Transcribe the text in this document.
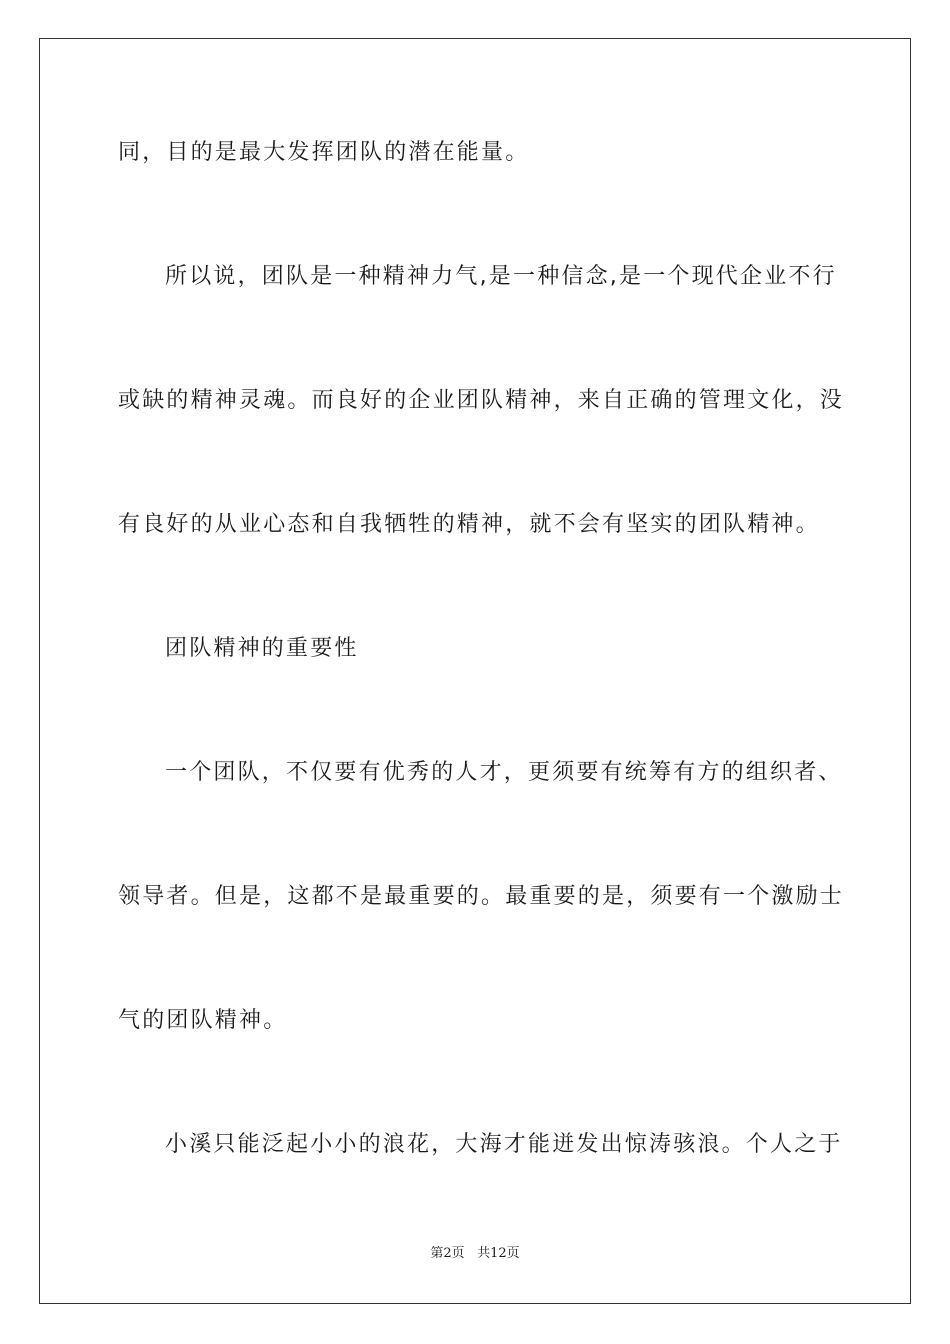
同，目的是最大发挥团队的潜在能量。
所以说，团队是一种精神力气,是一种信念,是一个现代企业不行
或缺的精神灵魂。而良好的企业团队精神，来自正确的管理文化，没
有良好的从业心态和自我牺牲的精神，就不会有坚实的团队精神。
团队精神的重要性
一个团队，不仅要有优秀的人才，更须要有统筹有方的组织者、
领导者。但是，这都不是最重要的。最重要的是，须要有一个激励士
气的团队精神。
小溪只能泛起小小的浪花，大海才能迸发出惊涛骇浪。个人之于
第2页 共12页
